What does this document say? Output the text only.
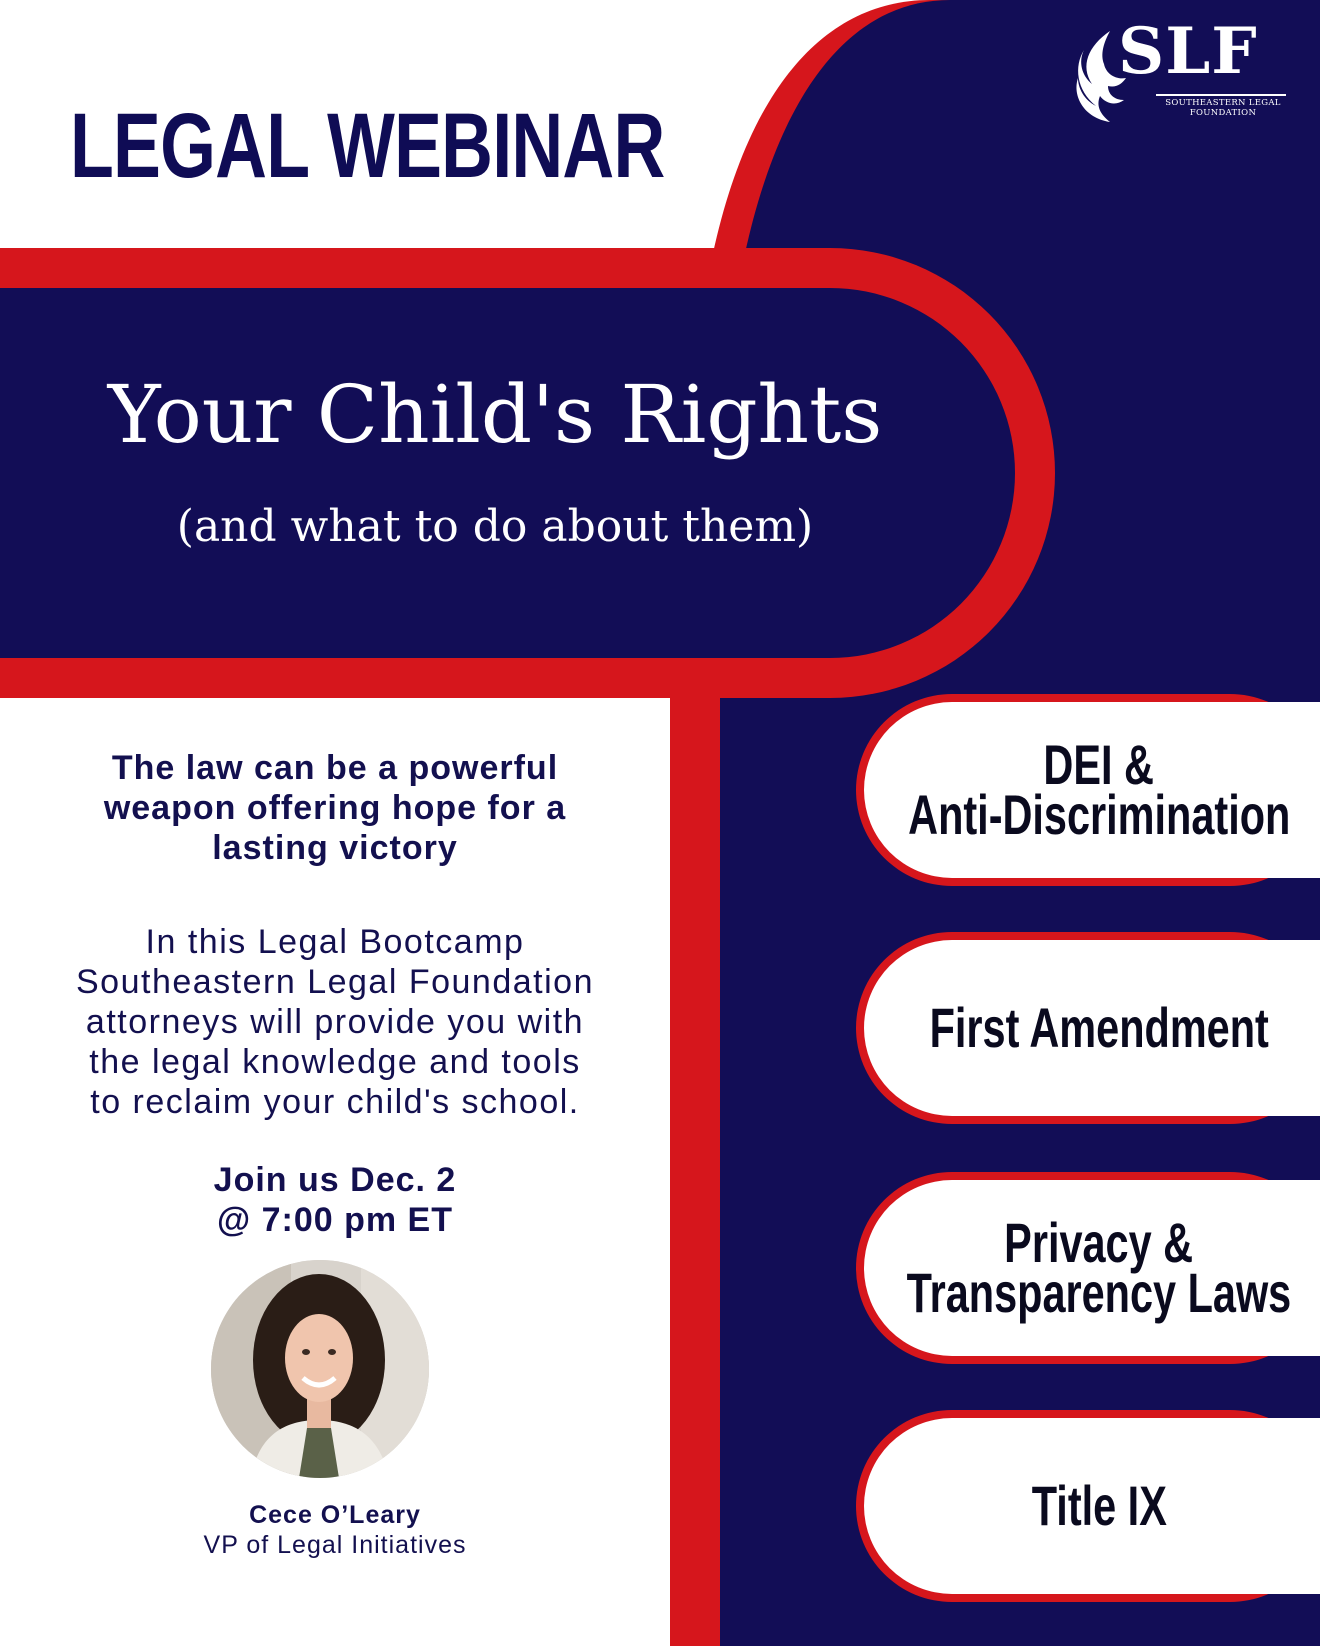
LEGAL WEBINAR
SLF
SOUTHEASTERN LEGAL
FOUNDATION
Your Child's Rights
(and what to do about them)
The law can be a powerful
weapon offering hope for a
lasting victory
In this Legal Bootcamp
Southeastern Legal Foundation
attorneys will provide you with
the legal knowledge and tools
to reclaim your child's school.
Join us Dec. 2
@ 7:00 pm ET
Cece O’Leary
VP of Legal Initiatives
DEI &
Anti-Discrimination
First Amendment
Privacy &
Transparency Laws
Title IX
